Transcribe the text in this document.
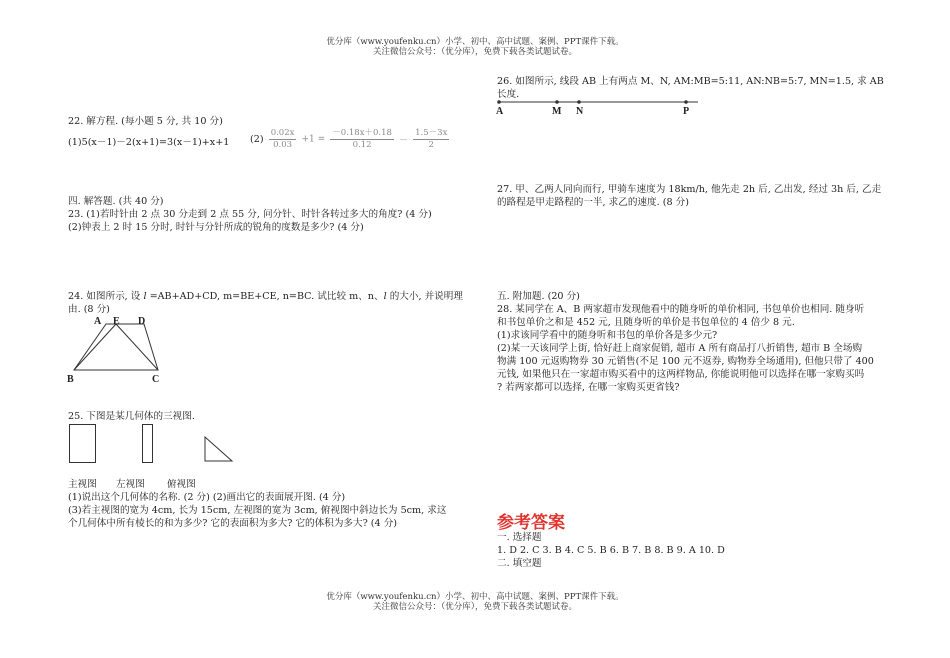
优分库（www.youfenku.cn）小学、初中、高中试题、案例、PPT课件下载。
关注微信公众号：（优分库），免费下载各类试题试卷。
22. 解方程. (每小题 5 分, 共 10 分)
(1)5(x－1)－2(x+1)=3(x－1)+x+1 $(2) \frac{0.02x}{0.03} +1 = \frac{-0.18x+0.18}{0.12} - \frac{1.5-3x}{2}$
四. 解答题. (共 40 分)
23. (1)若时针由 2 点 30 分走到 2 点 55 分, 问分针、时针各转过多大的角度? (4 分)
(2)钟表上 2 时 15 分时, 时针与分针所成的锐角的度数是多少? (4 分)
24. 如图所示, 设 l =AB+AD+CD, m=BE+CE, n=BC. 试比较 m、n、l 的大小, 并说明理
由. (8 分)
A E D
B	C
25. 下图是某几何体的三视图.
主视图 左视图 俯视图
(1)说出这个几何体的名称. (2 分) (2)画出它的表面展开图. (4 分)
(3)若主视图的宽为 4cm, 长为 15cm, 左视图的宽为 3cm, 俯视图中斜边长为 5cm, 求这
个几何体中所有棱长的和为多少? 它的表面积为多大? 它的体积为多大? (4 分)
26. 如图所示, 线段 AB 上有两点 M、N, AM:MB=5:11, AN:NB=5:7, MN=1.5, 求 AB 长度.
A	M N	P
27. 甲、乙两人同向而行, 甲骑车速度为 18km/h, 他先走 2h 后, 乙出发, 经过 3h 后, 乙走
的路程是甲走路程的一半, 求乙的速度. (8 分)
五. 附加题. (20 分)
28. 某同学在 A、B 两家超市发现他看中的随身听的单价相同, 书包单价也相同. 随身听
和书包单价之和是 452 元, 且随身听的单价是书包单位的 4 倍少 8 元.
(1)求该同学看中的随身听和书包的单价各是多少元?
(2)某一天该同学上街, 恰好赶上商家促销, 超市 A 所有商品打八折销售, 超市 B 全场购
物满 100 元返购物券 30 元销售(不足 100 元不返券, 购物券全场通用), 但他只带了 400
元钱, 如果他只在一家超市购买看中的这两样物品, 你能说明他可以选择在哪一家购买吗
? 若两家都可以选择, 在哪一家购买更省钱?
参考答案
一. 选择题
1. D 2. C 3. B 4. C 5. B 6. B 7. B 8. B 9. A 10. D
二. 填空题
优分库（www.youfenku.cn）小学、初中、高中试题、案例、PPT课件下载。
关注微信公众号：（优分库），免费下载各类试题试卷。
